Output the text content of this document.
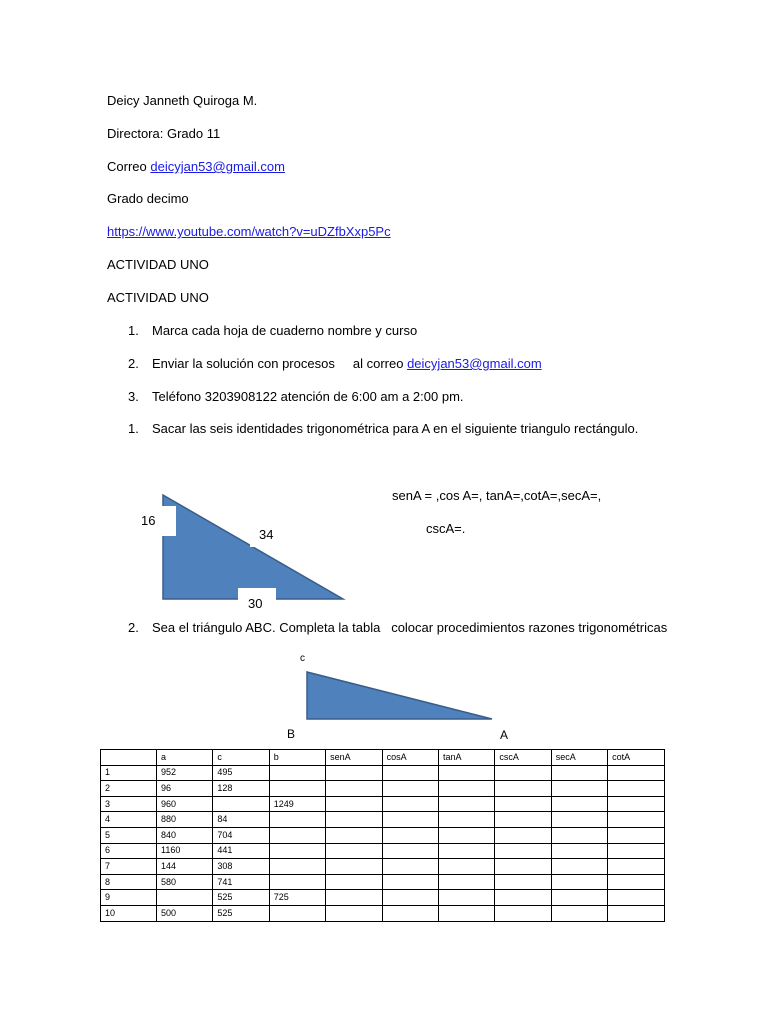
Deicy Janneth Quiroga M.
Directora: Grado 11
Correo deicyjan53@gmail.com
Grado decimo
https://www.youtube.com/watch?v=uDZfbXxp5Pc
ACTIVIDAD UNO
ACTIVIDAD UNO
1. Marca cada hoja de cuaderno nombre y curso
2. Enviar la solución con procesos     al correo deicyjan53@gmail.com
3. Teléfono 3203908122 atención de 6:00 am a 2:00 pm.
1. Sacar las seis identidades trigonométrica para A en el siguiente triangulo rectángulo.
16
34
30
senA = ,cos A=, tanA=,cotA=,secA=,
cscA=.
2. Sea el triángulo ABC. Completa la tabla   colocar procedimientos razones trigonométricas
c
B	A
	a	c	b	senA	cosA	tanA	cscA	secA	cotA
1	952	495							
2	96	128							
3	960		1249						
4	880	84							
5	840	704							
6	1160	441							
7	144	308							
8	580	741							
9		525	725						
10	500	525							
